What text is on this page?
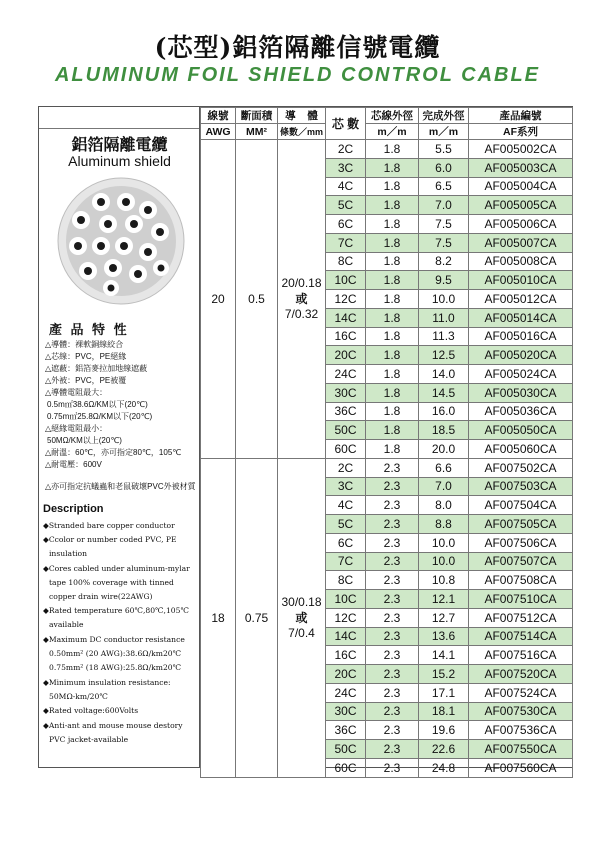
(芯型)鋁箔隔離信號電纜
ALUMINUM FOIL SHIELD CONTROL CABLE
鋁箔隔離電纜
Aluminum shield
產 品 特 性
△導體：裸軟銅線絞合
△芯線：PVC，PE絕緣
△遮蔽：鋁箔麥拉加地線遮蔽
△外被：PVC，PE被覆
△導體電阻最大：
0.5m㎡38.6Ω/KM以下(20℃)
0.75m㎡25.8Ω/KM以下(20℃)
△絕緣電阻最小：
50MΩ/KM以上(20℃)
△耐溫：60℃，亦可指定80℃，105℃
△耐電壓：600V
△亦可指定抗蟻蟲和老鼠破壞PVC外被材質
Description
◆Stranded bare copper conductor
◆Ccolor or number coded PVC, PE
insulation
◆Cores cabled under aluminum-mylar
tape 100% coverage with tinned
copper drain wire(22AWG)
◆Rated temperature 60℃,80℃,105℃
available
◆Maximum DC conductor resistance
0.50mm² (20 AWG):38.6Ω/km20℃
0.75mm² (18 AWG):25.8Ω/km20℃
◆Minimum insulation resistance:
50MΩ-km/20℃
◆Rated voltage:600Volts
◆Anti-ant and mouse mouse destory
PVC jacket-available
線號	斷面積	導 體	芯 數	芯線外徑	完成外徑	產品編號
AWG	MM²	條數／mm		m／m	m／m	AF系列
20	0.5	20/0.18
或
7/0.32	2C	1.8	5.5	AF005002CA
			3C	1.8	6.0	AF005003CA
			4C	1.8	6.5	AF005004CA
			5C	1.8	7.0	AF005005CA
			6C	1.8	7.5	AF005006CA
			7C	1.8	7.5	AF005007CA
			8C	1.8	8.2	AF005008CA
			10C	1.8	9.5	AF005010CA
			12C	1.8	10.0	AF005012CA
			14C	1.8	11.0	AF005014CA
			16C	1.8	11.3	AF005016CA
			20C	1.8	12.5	AF005020CA
			24C	1.8	14.0	AF005024CA
			30C	1.8	14.5	AF005030CA
			36C	1.8	16.0	AF005036CA
			50C	1.8	18.5	AF005050CA
			60C	1.8	20.0	AF005060CA
18	0.75	30/0.18
或
7/0.4	2C	2.3	6.6	AF007502CA
			3C	2.3	7.0	AF007503CA
			4C	2.3	8.0	AF007504CA
			5C	2.3	8.8	AF007505CA
			6C	2.3	10.0	AF007506CA
			7C	2.3	10.0	AF007507CA
			8C	2.3	10.8	AF007508CA
			10C	2.3	12.1	AF007510CA
			12C	2.3	12.7	AF007512CA
			14C	2.3	13.6	AF007514CA
			16C	2.3	14.1	AF007516CA
			20C	2.3	15.2	AF007520CA
			24C	2.3	17.1	AF007524CA
			30C	2.3	18.1	AF007530CA
			36C	2.3	19.6	AF007536CA
			50C	2.3	22.6	AF007550CA
			60C	2.3	24.8	AF007560CA
